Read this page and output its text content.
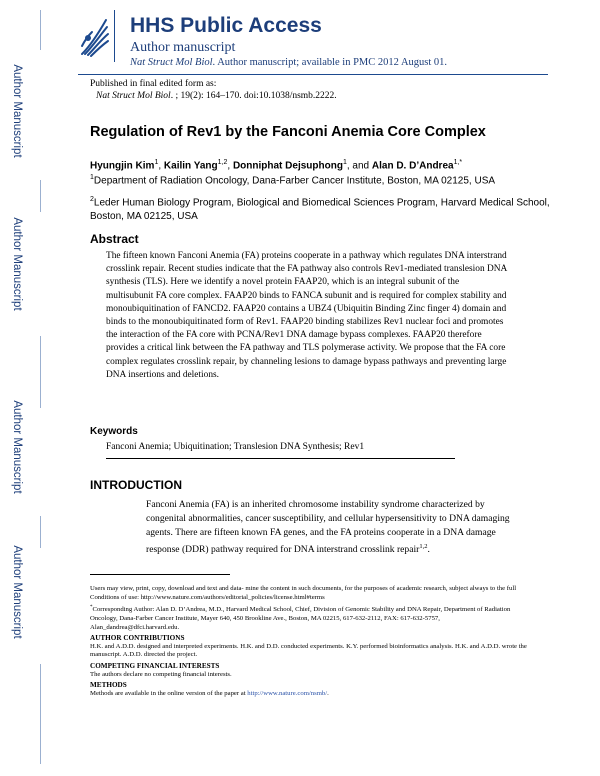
HHS Public Access
Author manuscript
Nat Struct Mol Biol. Author manuscript; available in PMC 2012 August 01.
Published in final edited form as:
Nat Struct Mol Biol. ; 19(2): 164–170. doi:10.1038/nsmb.2222.
Author Manuscript
Author Manuscript
Author Manuscript
Author Manuscript
Regulation of Rev1 by the Fanconi Anemia Core Complex
Hyungjin Kim$^1$, Kailin Yang$^{1,2}$, Donniphat Dejsuphong$^1$, and Alan D. D’Andrea$^{1,*}$
$^1$Department of Radiation Oncology, Dana-Farber Cancer Institute, Boston, MA 02125, USA
$^2$Leder Human Biology Program, Biological and Biomedical Sciences Program, Harvard Medical School, Boston, MA 02125, USA
Abstract
The fifteen known Fanconi Anemia (FA) proteins cooperate in a pathway which regulates DNA interstrand crosslink repair. Recent studies indicate that the FA pathway also controls Rev1-mediated translesion DNA synthesis (TLS). Here we identify a novel protein FAAP20, which is an integral subunit of the multisubunit FA core complex. FAAP20 binds to FANCA subunit and is required for complex stability and monoubiquitination of FANCD2. FAAP20 contains a UBZ4 (Ubiquitin Binding Zinc finger 4) domain and binds to the monoubiquitinated form of Rev1. FAAP20 binding stabilizes Rev1 nuclear foci and promotes the interaction of the FA core with PCNA/Rev1 DNA damage bypass complexes. FAAP20 therefore provides a critical link between the FA pathway and TLS polymerase activity. We propose that the FA core complex regulates crosslink repair, by channeling lesions to damage bypass pathways and preventing large DNA insertions and deletions.
Keywords
Fanconi Anemia; Ubiquitination; Translesion DNA Synthesis; Rev1
INTRODUCTION
Fanconi Anemia (FA) is an inherited chromosome instability syndrome characterized by congenital abnormalities, cancer susceptibility, and cellular hypersensitivity to DNA damaging agents. There are fifteen known FA genes, and the FA proteins cooperate in a DNA damage response (DDR) pathway required for DNA interstrand crosslink repair$^{1,2}$.
Users may view, print, copy, download and text and data- mine the content in such documents, for the purposes of academic research, subject always to the full Conditions of use: http://www.nature.com/authors/editorial_policies/license.html#terms
*Corresponding Author: Alan D. D’Andrea, M.D., Harvard Medical School, Chief, Division of Genomic Stability and DNA Repair, Department of Radiation Oncology, Dana-Farber Cancer Institute, Mayer 640, 450 Brookline Ave., Boston, MA 02215, 617-632-2112, FAX: 617-632-5757, Alan_dandrea@dfci.harvard.edu.
AUTHOR CONTRIBUTIONS
H.K. and A.D.D. designed and interpreted experiments. H.K. and D.D. conducted experiments. K.Y. performed bioinformatics analysis. H.K. and A.D.D. wrote the manuscript. A.D.D. directed the project.
COMPETING FINANCIAL INTERESTS
The authors declare no competing financial interests.
METHODS
Methods are available in the online version of the paper at http://www.nature.com/nsmb/.
